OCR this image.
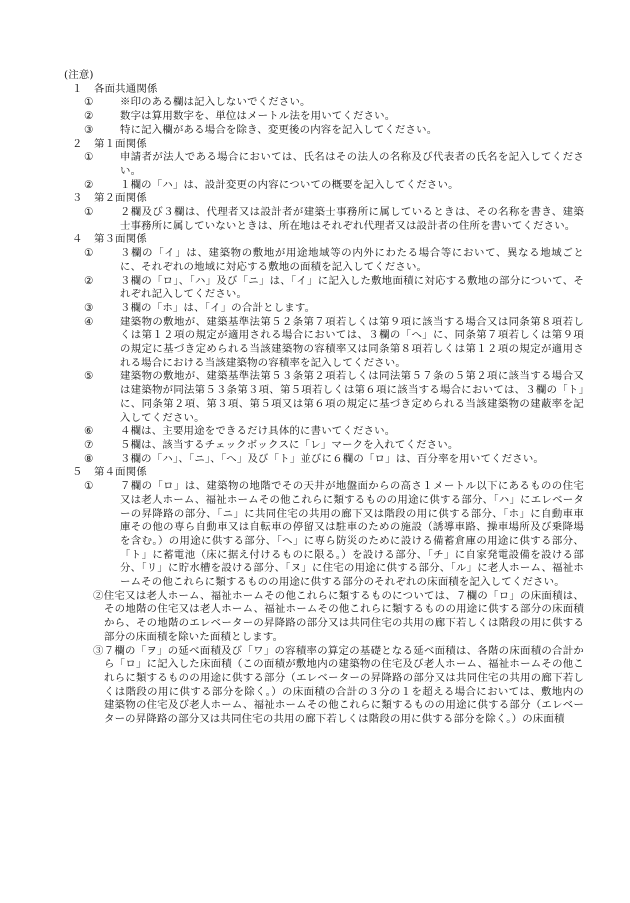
(注意)
１ 各面共通関係
①	※印のある欄は記入しないでください。
②	数字は算用数字を、単位はメートル法を用いてください。
③	特に記入欄がある場合を除き、変更後の内容を記入してください。
２ 第１面関係
①	申請者が法人である場合においては、氏名はその法人の名称及び代表者の氏名を記入してください。
②	１欄の「ハ」は、設計変更の内容についての概要を記入してください。
３ 第２面関係
①	２欄及び３欄は、代理者又は設計者が建築士事務所に属しているときは、その名称を書き、建築士事務所に属していないときは、所在地はそれぞれ代理者又は設計者の住所を書いてください。
４ 第３面関係
①	３欄の「イ」は、建築物の敷地が用途地域等の内外にわたる場合等において、異なる地域ごとに、それぞれの地域に対応する敷地の面積を記入してください。
②	３欄の「ロ」、「ハ」及び「ニ」は、「イ」に記入した敷地面積に対応する敷地の部分について、それぞれ記入してください。
③	３欄の「ホ」は、「イ」の合計とします。
④	建築物の敷地が、建築基準法第５２条第７項若しくは第９項に該当する場合又は同条第８項若しくは第１２項の規定が適用される場合においては、３欄の「へ」に、同条第７項若しくは第９項の規定に基づき定められる当該建築物の容積率又は同条第８項若しくは第１２項の規定が適用される場合における当該建築物の容積率を記入してください。
⑤	建築物の敷地が、建築基準法第５３条第２項若しくは同法第５７条の５第２項に該当する場合又は建築物が同法第５３条第３項、第５項若しくは第６項に該当する場合においては、３欄の「ト」に、同条第２項、第３項、第５項又は第６項の規定に基づき定められる当該建築物の建蔽率を記入してください。
⑥	４欄は、主要用途をできるだけ具体的に書いてください。
⑦	５欄は、該当するチェックボックスに「レ」マークを入れてください。
⑧	３欄の「ハ」、「ニ」、「へ」及び「ト」並びに６欄の「ロ」は、百分率を用いてください。
５ 第４面関係
①	７欄の「ロ」は、建築物の地階でその天井が地盤面からの高さ１メートル以下にあるものの住宅又は老人ホーム、福祉ホームその他これらに類するものの用途に供する部分、「ハ」にエレベーターの昇降路の部分、「ニ」に共同住宅の共用の廊下又は階段の用に供する部分、「ホ」に自動車車庫その他の専ら自動車又は自転車の停留又は駐車のための施設（誘導車路、操車場所及び乗降場を含む。）の用途に供する部分、「へ」に専ら防災のために設ける備蓄倉庫の用途に供する部分、「ト」に蓄電池（床に据え付けるものに限る。）を設ける部分、「チ」に自家発電設備を設ける部分、「リ」に貯水槽を設ける部分、「ヌ」に住宅の用途に供する部分、「ル」に老人ホーム、福祉ホームその他これらに類するものの用途に供する部分のそれぞれの床面積を記入してください。
②住宅又は老人ホーム、福祉ホームその他これらに類するものについては、７欄の「ロ」の床面積は、その地階の住宅又は老人ホーム、福祉ホームその他これらに類するものの用途に供する部分の床面積から、その地階のエレベーターの昇降路の部分又は共同住宅の共用の廊下若しくは階段の用に供する部分の床面積を除いた面積とします。
③７欄の「ヲ」の延べ面積及び「ワ」の容積率の算定の基礎となる延べ面積は、各階の床面積の合計から「ロ」に記入した床面積（この面積が敷地内の建築物の住宅及び老人ホーム、福祉ホームその他これらに類するものの用途に供する部分（エレベーターの昇降路の部分又は共同住宅の共用の廊下若しくは階段の用に供する部分を除く。）の床面積の合計の３分の１を超える場合においては、敷地内の建築物の住宅及び老人ホーム、福祉ホームその他これらに類するものの用途に供する部分（エレベーターの昇降路の部分又は共同住宅の共用の廊下若しくは階段の用に供する部分を除く。）の床面積
